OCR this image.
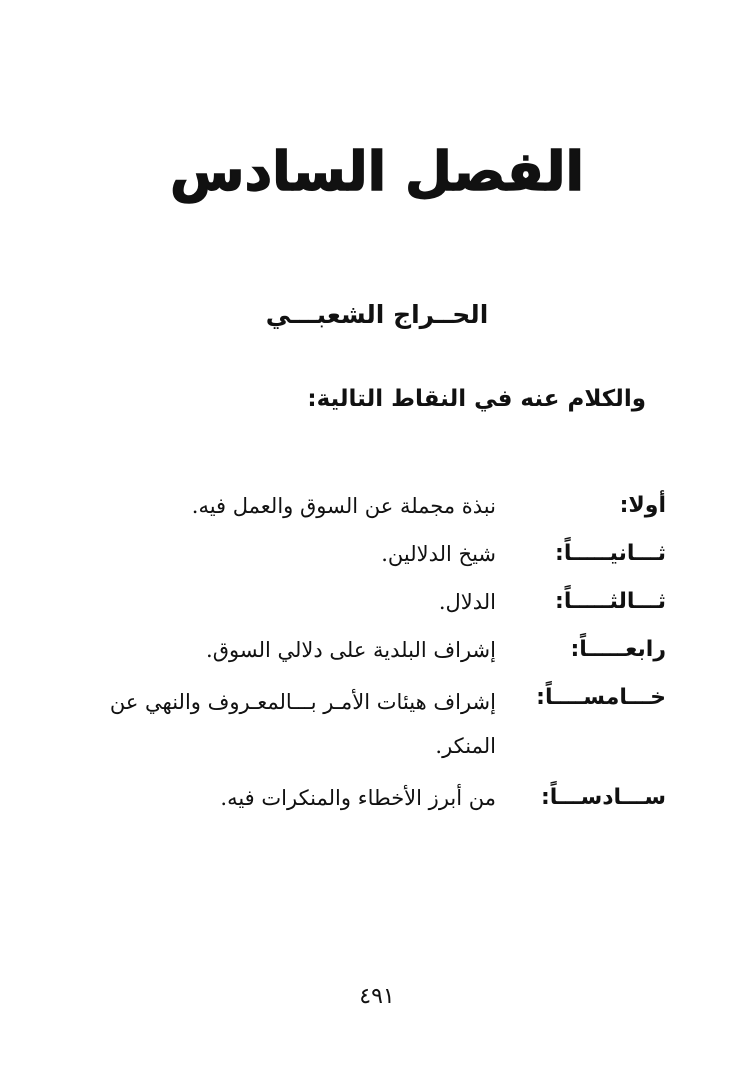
الفصل السادس
الحــراج الشعبـــي
والكلام عنه في النقاط التالية:
أولا:
نبذة مجملة عن السوق والعمل فيه.
ثـــانيـــــاً:
شيخ الدلالين.
ثـــالثـــــاً:
الدلال.
رابعـــــاً:
إشراف البلدية على دلالي السوق.
خـــامســــاً:
إشراف هيئات الأمـر بـــالمعـروف والنهي عن المنكر.
ســـادســـاً:
من أبرز الأخطاء والمنكرات فيه.
٤٩١
